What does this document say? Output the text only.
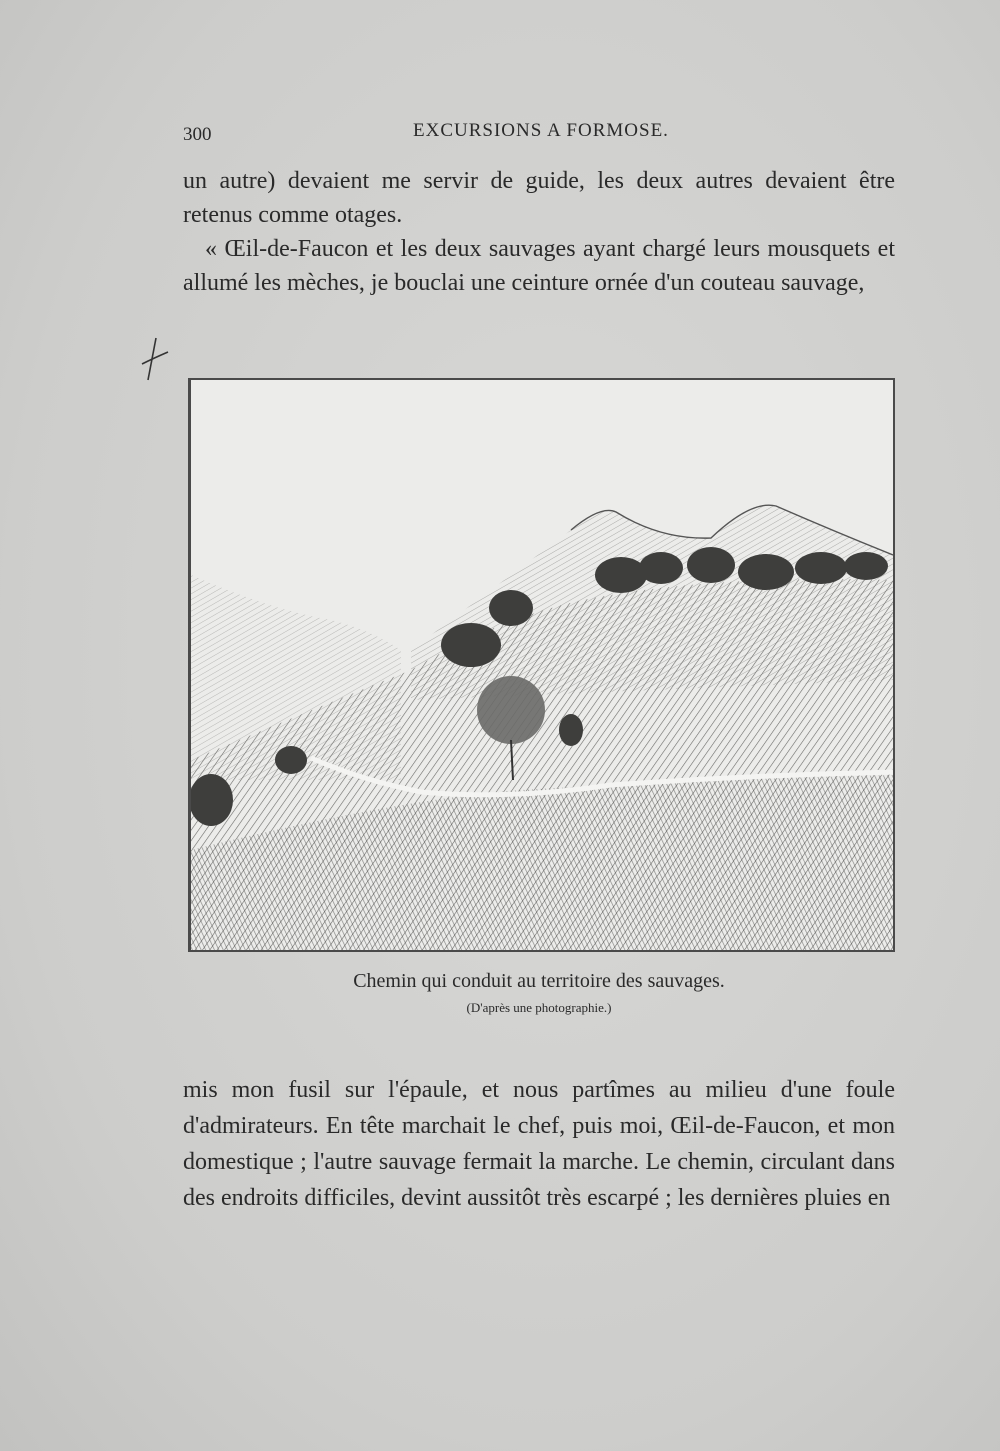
300	EXCURSIONS A FORMOSE.

un autre) devaient me servir de guide, les deux autres devaient être retenus comme otages.
« Œil-de-Faucon et les deux sauvages ayant chargé leurs mousquets et allumé les mèches, je bouclai une ceinture ornée d'un couteau sauvage,

Chemin qui conduit au territoire des sauvages.
(D'après une photographie.)

mis mon fusil sur l'épaule, et nous partîmes au milieu d'une foule d'admirateurs. En tête marchait le chef, puis moi, Œil-de-Faucon, et mon domestique ; l'autre sauvage fermait la marche. Le chemin, circulant dans des endroits difficiles, devint aussitôt très escarpé ; les dernières pluies en
